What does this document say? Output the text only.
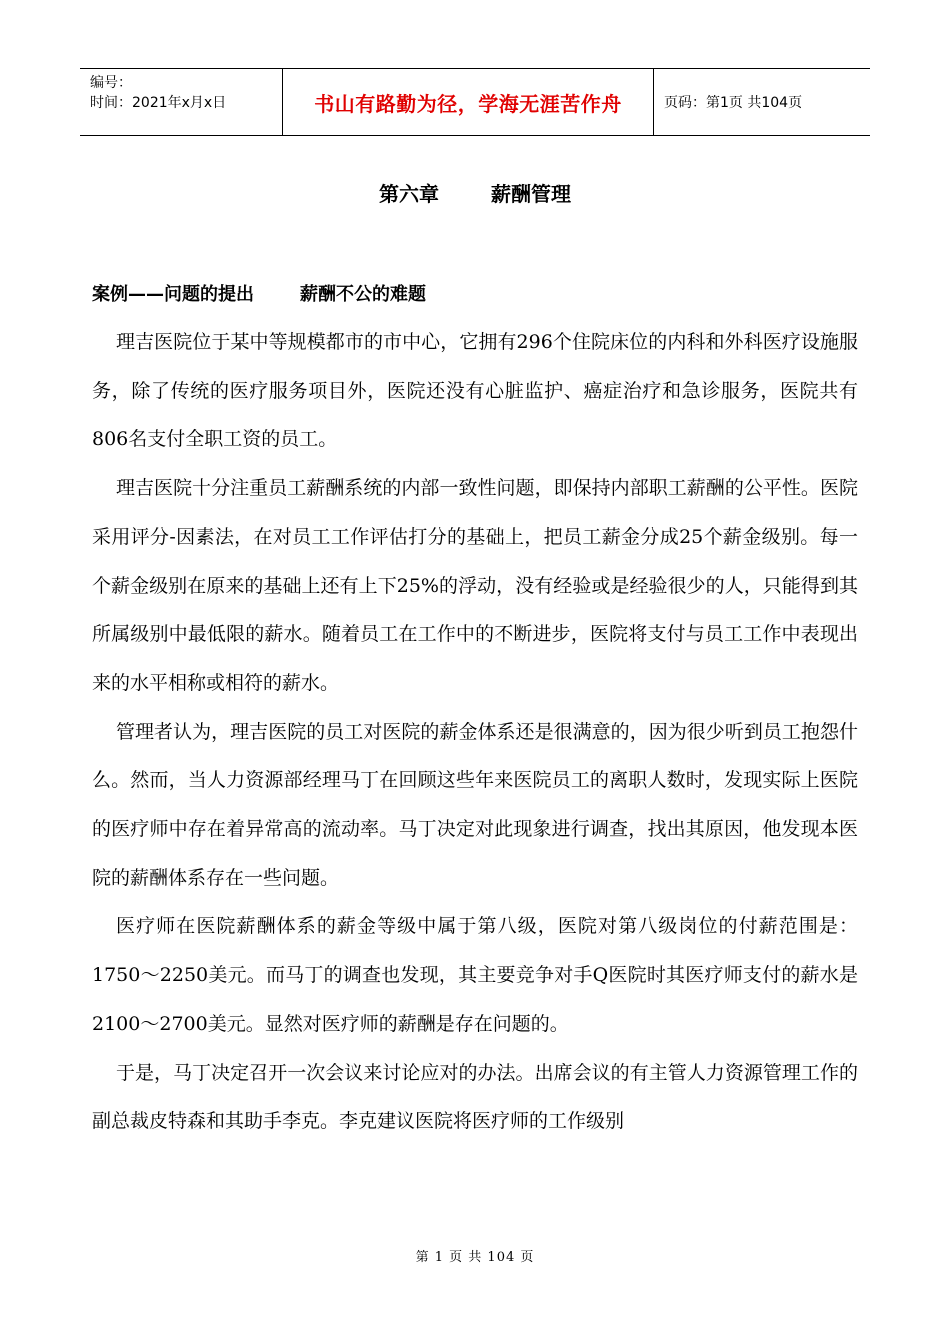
编号：
时间：2021年x月x日	书山有路勤为径，学海无涯苦作舟	页码：第1页 共104页
第六章	薪酬管理
案例——问题的提出	薪酬不公的难题

理吉医院位于某中等规模都市的市中心，它拥有296个住院床位的内科和外科医疗设施服务，除了传统的医疗服务项目外，医院还没有心脏监护、癌症治疗和急诊服务，医院共有806名支付全职工资的员工。

理吉医院十分注重员工薪酬系统的内部一致性问题，即保持内部职工薪酬的公平性。医院采用评分-因素法，在对员工工作评估打分的基础上，把员工薪金分成25个薪金级别。每一个薪金级别在原来的基础上还有上下25%的浮动，没有经验或是经验很少的人，只能得到其所属级别中最低限的薪水。随着员工在工作中的不断进步，医院将支付与员工工作中表现出来的水平相称或相符的薪水。

管理者认为，理吉医院的员工对医院的薪金体系还是很满意的，因为很少听到员工抱怨什么。然而，当人力资源部经理马丁在回顾这些年来医院员工的离职人数时，发现实际上医院的医疗师中存在着异常高的流动率。马丁决定对此现象进行调查，找出其原因，他发现本医院的薪酬体系存在一些问题。

医疗师在医院薪酬体系的薪金等级中属于第八级，医院对第八级岗位的付薪范围是：1750～2250美元。而马丁的调查也发现，其主要竞争对手Q医院时其医疗师支付的薪水是2100～2700美元。显然对医疗师的薪酬是存在问题的。

于是，马丁决定召开一次会议来讨论应对的办法。出席会议的有主管人力资源管理工作的副总裁皮特森和其助手李克。李克建议医院将医疗师的工作级别

第 1 页 共 104 页
